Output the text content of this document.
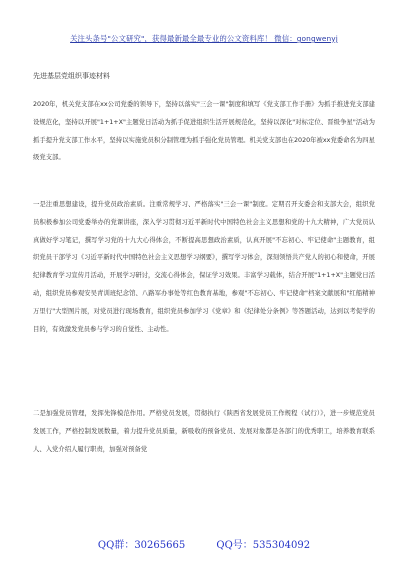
关注头条号"公文研究"，获得最新最全最专业的公文资料库！ 微信：gongwenyj
先进基层党组织事迹材料

2020年，机关党支部在xx公司党委的领导下，坚持以落实"三会一课"制度和填写《党支部工作手册》为抓手推进党支部建设规范化，坚持以开展"1+1+X"主题党日活动为抓手促进组织生活开展规范化，坚持以深化"对标定位、晋级争星"活动为抓手提升党支部工作水平，坚持以实施党员积分制管理为抓手强化党员管理。机关党支部也在2020年被xx党委命名为四星级党支部。

一是注重思想建设，提升党员政治素质。注重常规学习、严格落实"三会一课"制度。定期召开支委会和支部大会，组织党员积极参加公司党委举办的党课讲座，深入学习贯彻习近平新时代中国特色社会主义思想和党的十九大精神，广大党员认真做好学习笔记，撰写学习党的十九大心得体会，不断提高思想政治素质，认真开展"不忘初心、牢记使命"主题教育，组织党员干部学习《习近平新时代中国特色社会主义思想学习纲要》，撰写学习体会，深刻领悟共产党人的初心和使命，开展纪律教育学习宣传月活动，开展学习研讨，交流心得体会，保证学习效果。丰富学习载体，结合开展"1+1+X"主题党日活动，组织党员参观安吴青训班纪念馆、八路军办事处等红色教育基地，参观"不忘初心、牢记使命"档案文献展和"红船精神万里行"大型图片展，对党员进行现场教育，组织党员参加学习《党章》和《纪律处分条例》等答题活动，达到以考促学的目的，有效激发党员参与学习的自觉性、主动性。

二是加强党员管理，发挥先锋模范作用。严格党员发展，贯彻执行《陕西省发展党员工作规程（试行）》，进一步规范党员发展工作，严格控制发展数量，着力提升党员质量，新吸收的预备党员、发展对象都是各部门的优秀职工，培养教育联系人、入党介绍人履行职责，加强对预备党

QQ群：30265665	QQ号：535304092
